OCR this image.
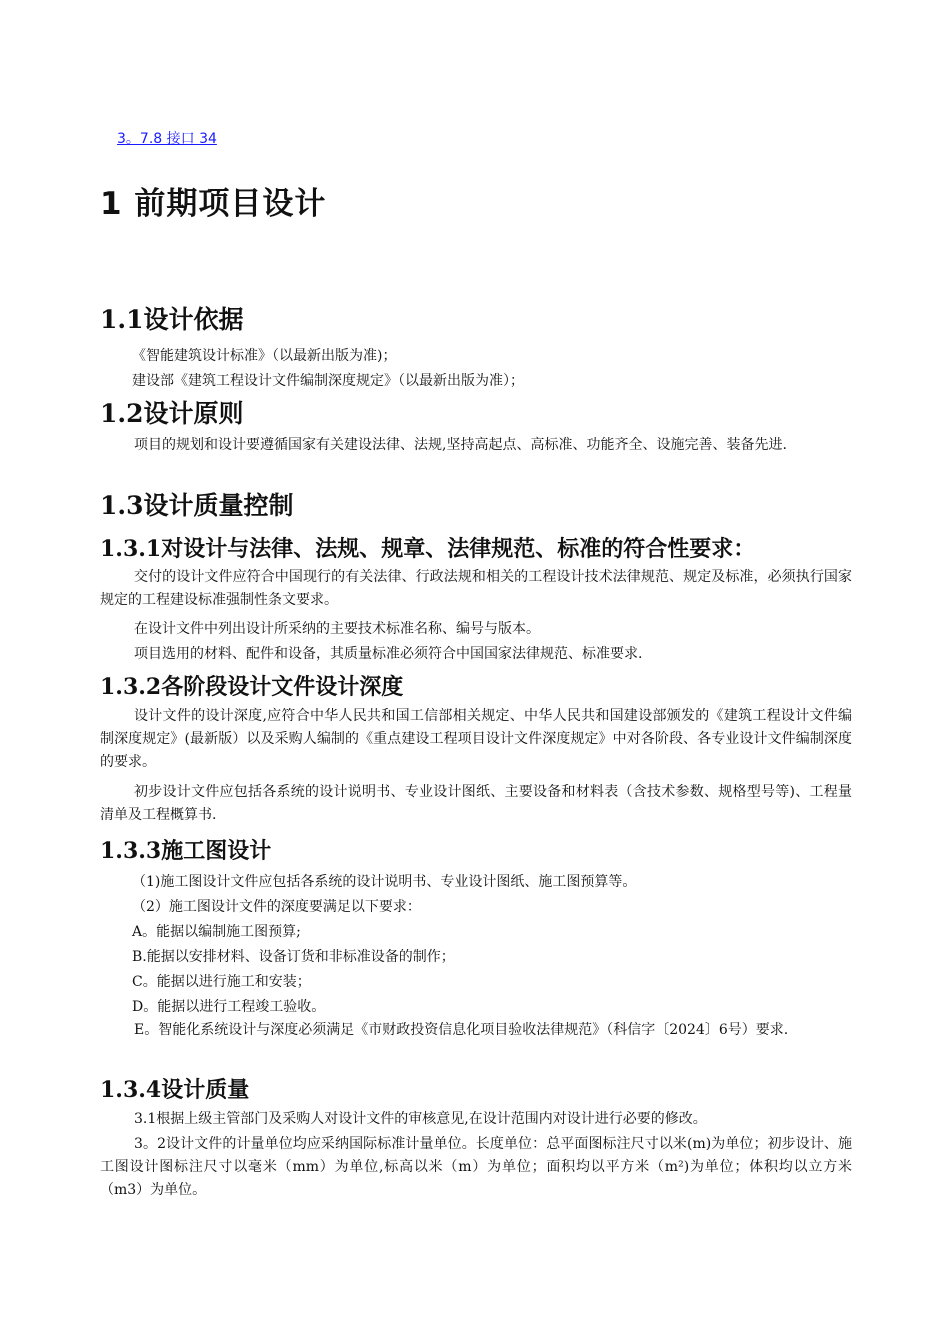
3。7.8 接口 34
1 前期项目设计
1.1设计依据
《智能建筑设计标准》（以最新出版为准)；
建设部《建筑工程设计文件编制深度规定》（以最新出版为准）；
1.2设计原则
项目的规划和设计要遵循国家有关建设法律、法规,坚持高起点、高标准、功能齐全、设施完善、装备先进.
1.3设计质量控制
1.3.1对设计与法律、法规、规章、法律规范、标准的符合性要求：
交付的设计文件应符合中国现行的有关法律、行政法规和相关的工程设计技术法律规范、规定及标准，必须执行国家规定的工程建设标准强制性条文要求。
在设计文件中列出设计所采纳的主要技术标准名称、编号与版本。
项目选用的材料、配件和设备，其质量标准必须符合中国国家法律规范、标准要求.
1.3.2各阶段设计文件设计深度
设计文件的设计深度,应符合中华人民共和国工信部相关规定、中华人民共和国建设部颁发的《建筑工程设计文件编制深度规定》(最新版）以及采购人编制的《重点建设工程项目设计文件深度规定》中对各阶段、各专业设计文件编制深度的要求。
初步设计文件应包括各系统的设计说明书、专业设计图纸、主要设备和材料表（含技术参数、规格型号等)、工程量清单及工程概算书.
1.3.3施工图设计
（1)施工图设计文件应包括各系统的设计说明书、专业设计图纸、施工图预算等。
（2）施工图设计文件的深度要满足以下要求：
A。能据以编制施工图预算;
B.能据以安排材料、设备订货和非标准设备的制作；
C。能据以进行施工和安装；
D。能据以进行工程竣工验收。
E。智能化系统设计与深度必须满足《市财政投资信息化项目验收法律规范》（科信字〔2024〕6号）要求.
1.3.4设计质量
3.1根据上级主管部门及采购人对设计文件的审核意见,在设计范围内对设计进行必要的修改。
3。2设计文件的计量单位均应采纳国际标准计量单位。长度单位：总平面图标注尺寸以米(m)为单位；初步设计、施工图设计图标注尺寸以毫米（mm）为单位,标高以米（m）为单位；面积均以平方米（m²)为单位；体积均以立方米（m3）为单位。
